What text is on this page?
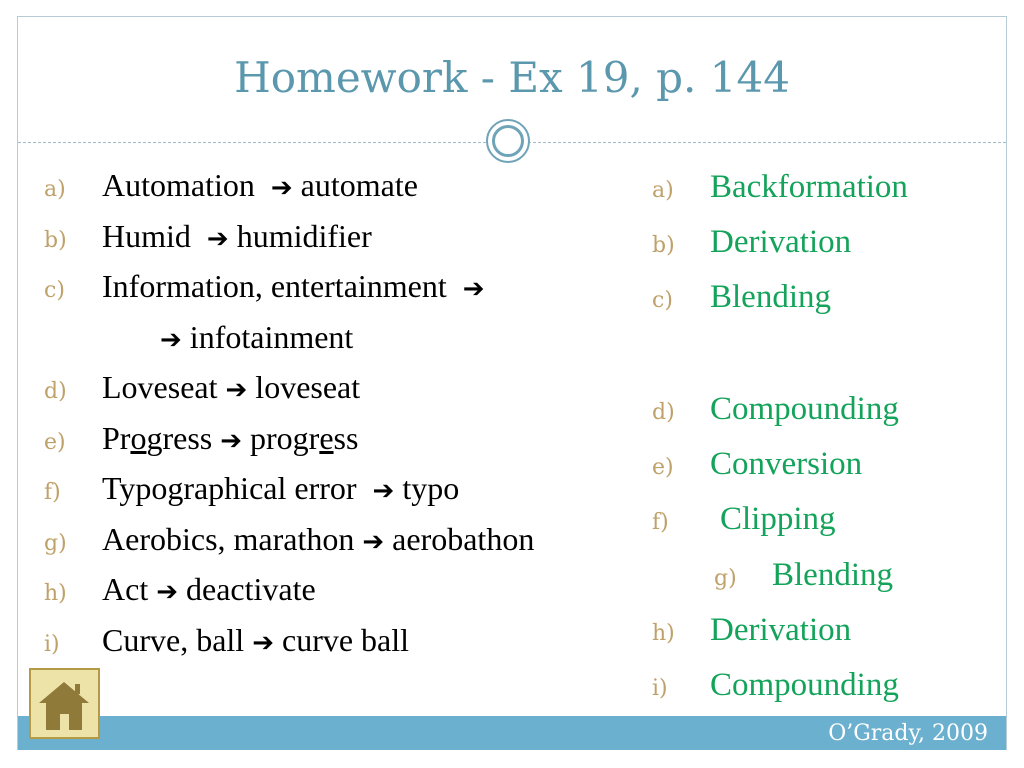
Homework - Ex 19, p. 144
a) Automation ➔ automate
b) Humid ➔ humidifier
c) Information, entertainment ➔
➔ infotainment
d) Loveseat ➔ loveseat
e) Progress ➔ progress
f) Typographical error ➔ typo
g) Aerobics, marathon ➔ aerobathon
h) Act ➔ deactivate
i) Curve, ball ➔ curve ball
a) Backformation
b) Derivation
c) Blending
d) Compounding
e) Conversion
f) Clipping
g) Blending
h) Derivation
i) Compounding
O’Grady, 2009
